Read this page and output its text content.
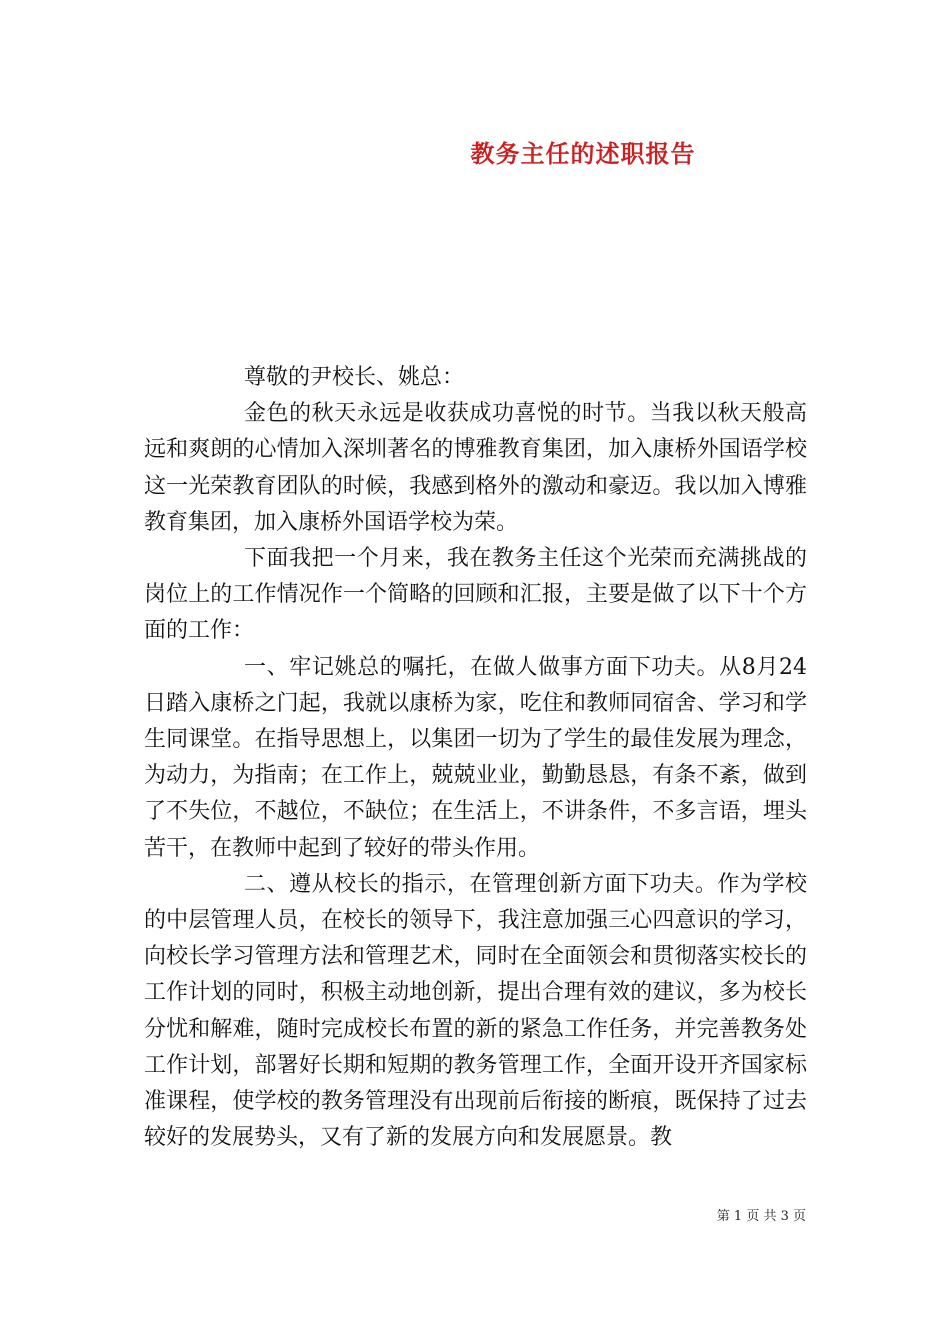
教务主任的述职报告

尊敬的尹校长、姚总：

金色的秋天永远是收获成功喜悦的时节。当我以秋天般高远和爽朗的心情加入深圳著名的博雅教育集团，加入康桥外国语学校这一光荣教育团队的时候，我感到格外的激动和豪迈。我以加入博雅教育集团，加入康桥外国语学校为荣。

下面我把一个月来，我在教务主任这个光荣而充满挑战的岗位上的工作情况作一个简略的回顾和汇报，主要是做了以下十个方面的工作：

一、牢记姚总的嘱托，在做人做事方面下功夫。从8月24日踏入康桥之门起，我就以康桥为家，吃住和教师同宿舍、学习和学生同课堂。在指导思想上，以集团一切为了学生的最佳发展为理念，为动力，为指南；在工作上，兢兢业业，勤勤恳恳，有条不紊，做到了不失位，不越位，不缺位；在生活上，不讲条件，不多言语，埋头苦干，在教师中起到了较好的带头作用。

二、遵从校长的指示，在管理创新方面下功夫。作为学校的中层管理人员，在校长的领导下，我注意加强三心四意识的学习，向校长学习管理方法和管理艺术，同时在全面领会和贯彻落实校长的工作计划的同时，积极主动地创新，提出合理有效的建议，多为校长分忧和解难，随时完成校长布置的新的紧急工作任务，并完善教务处工作计划，部署好长期和短期的教务管理工作，全面开设开齐国家标准课程，使学校的教务管理没有出现前后衔接的断痕，既保持了过去较好的发展势头，又有了新的发展方向和发展愿景。教

第 1 页 共 3 页
